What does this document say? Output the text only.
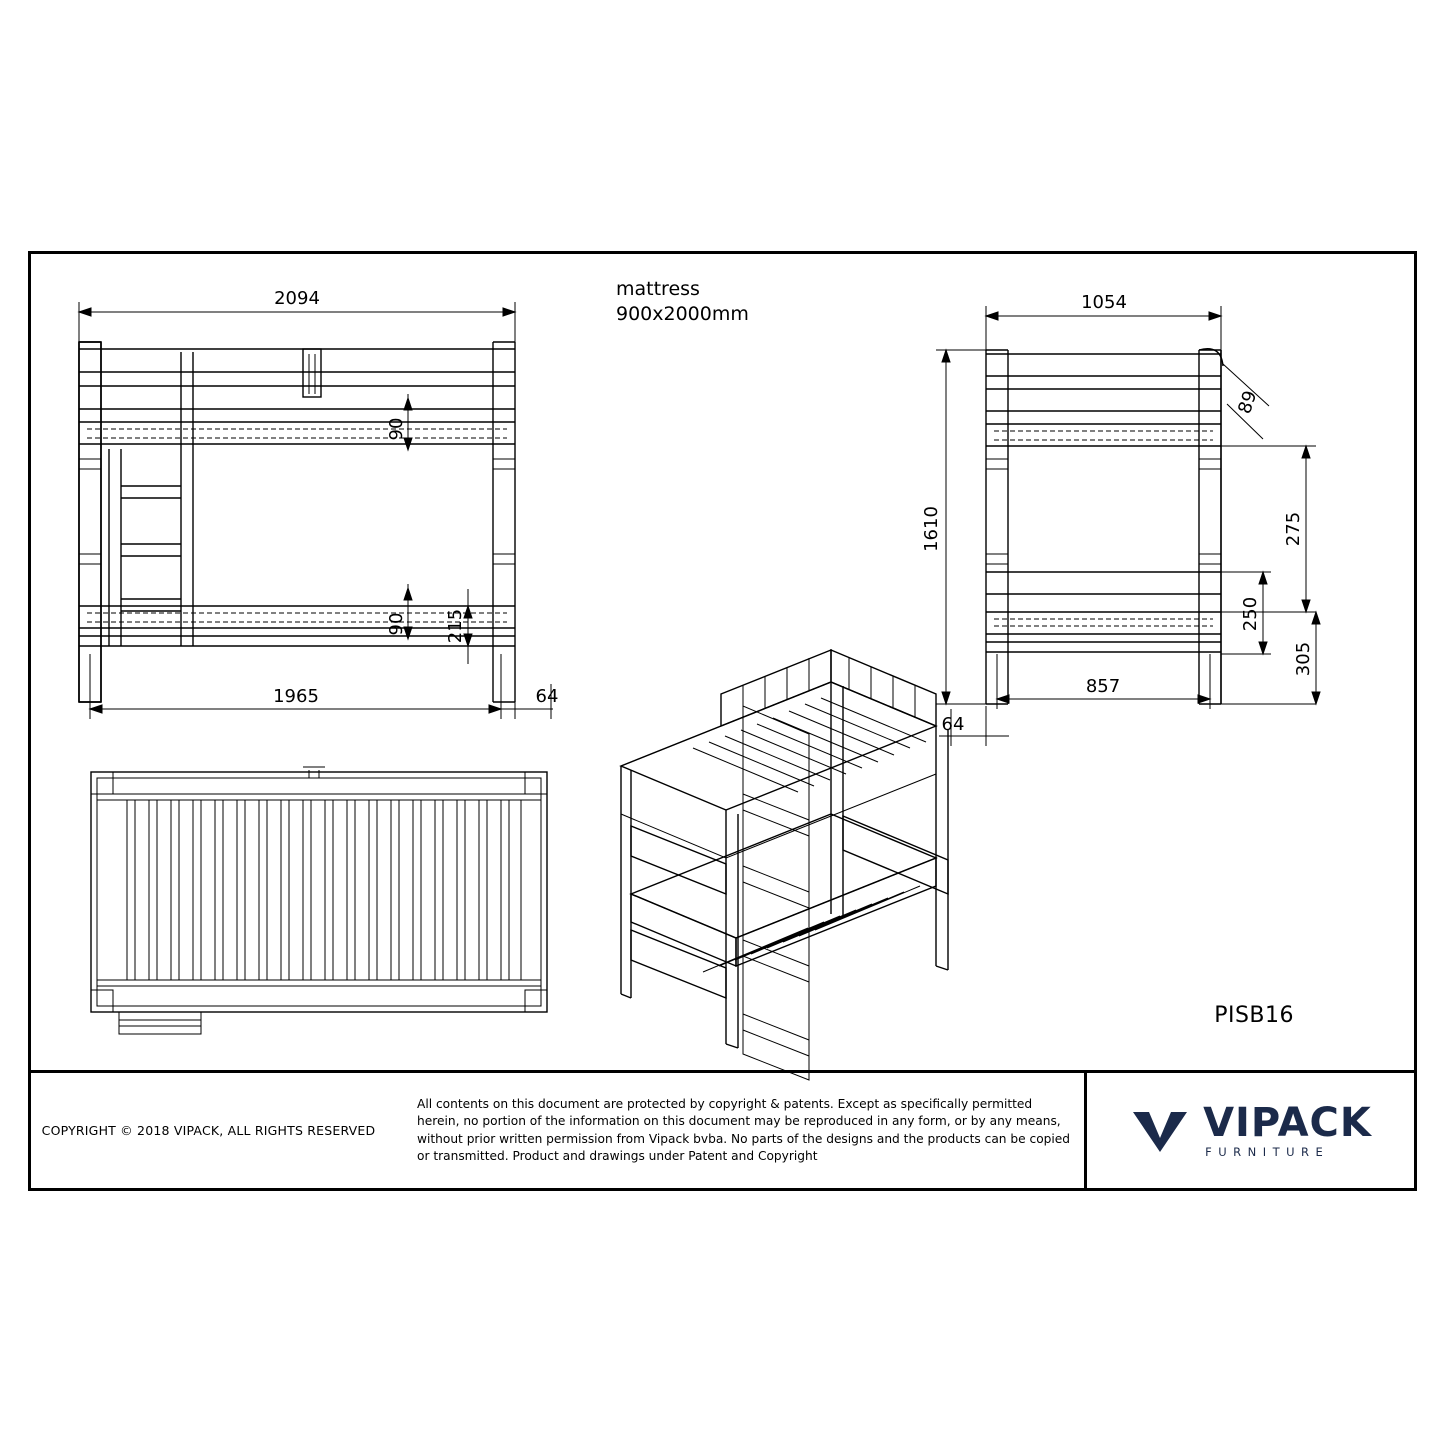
2094
1965	64
90
90 215
1054
1610
857
64
89
275
250
305
mattress
900x2000mm
PISB16
COPYRIGHT © 2018 VIPACK, ALL RIGHTS RESERVED

All contents on this document are protected by copyright & patents. Except as specifically permitted herein, no portion of the information on this document may be reproduced in any form, or by any means, without prior written permission from Vipack bvba. No parts of the designs and the products can be copied or transmitted. Product and drawings under Patent and Copyright

VIPACK
FURNITURE
